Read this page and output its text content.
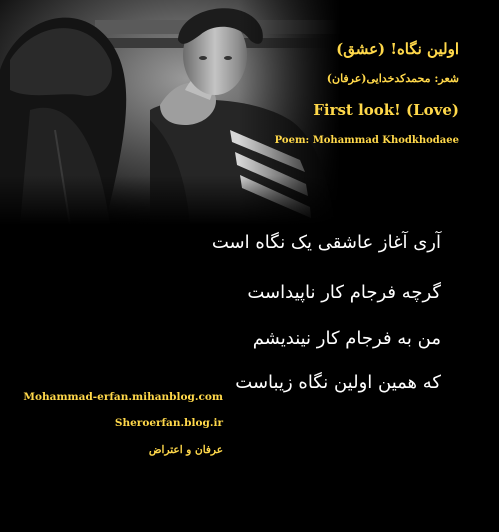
اولین نگاه! (عشق)
شعر: محمدکدخدایی(عرفان)
First look! (Love)
Poem: Mohammad Khodkhodaee
آری آغاز عاشقی یک نگاه است
گرچه فرجام کار ناپیداست
من به فرجام کار نیندیشم
که همین اولین نگاه زیباست
Mohammad-erfan.mihanblog.com
Sheroerfan.blog.ir
عرفان و اعتراض
